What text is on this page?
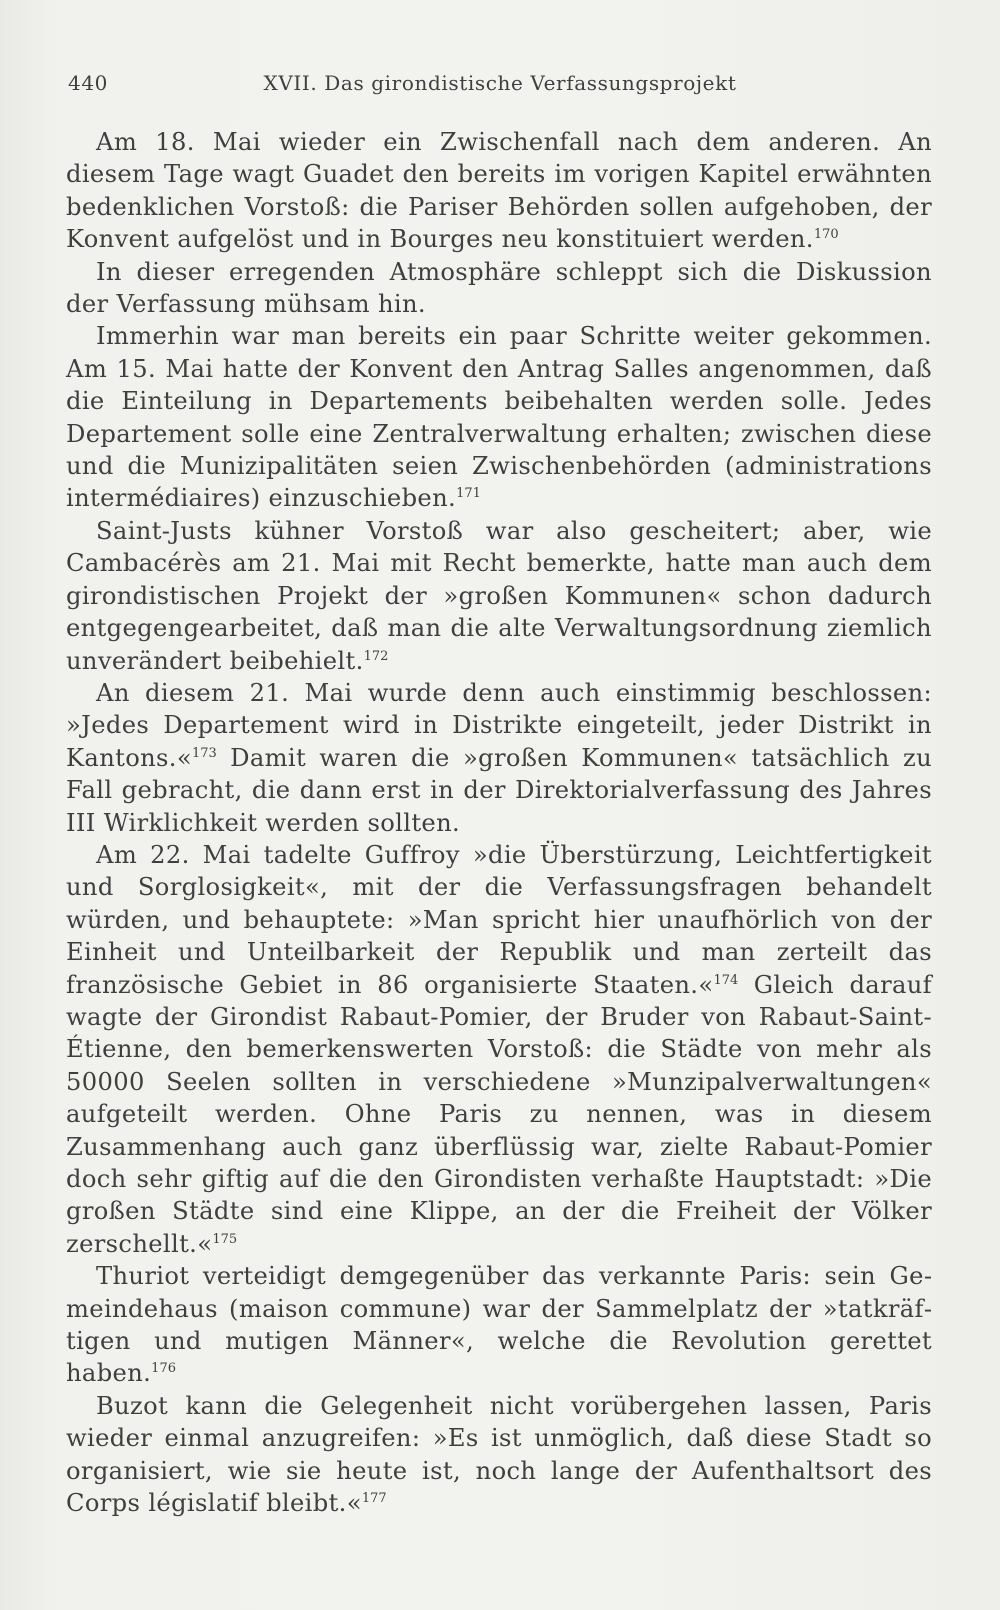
440	XVII. Das girondistische Verfassungsprojekt

Am 18. Mai wieder ein Zwischenfall nach dem anderen. An diesem Tage wagt Guadet den bereits im vorigen Kapitel erwähnten bedenklichen Vorstoß: die Pariser Behörden sollen aufgehoben, der Konvent aufgelöst und in Bourges neu konstituiert werden.$^{170}$

In dieser erregenden Atmosphäre schleppt sich die Diskussion der Verfassung mühsam hin.

Immerhin war man bereits ein paar Schritte weiter gekommen. Am 15. Mai hatte der Konvent den Antrag Salles angenommen, daß die Einteilung in Departements beibehalten werden solle. Jedes Departement solle eine Zentralverwaltung erhalten; zwischen diese und die Munizipalitäten seien Zwischenbehörden (administrations intermédiaires) einzuschieben.$^{171}$

Saint-Justs kühner Vorstoß war also gescheitert; aber, wie Cambacérès am 21. Mai mit Recht bemerkte, hatte man auch dem girondistischen Projekt der »großen Kommunen« schon dadurch entgegengearbeitet, daß man die alte Verwaltungsordnung ziemlich unverändert beibehielt.$^{172}$

An diesem 21. Mai wurde denn auch einstimmig beschlossen: »Jedes Departement wird in Distrikte eingeteilt, jeder Distrikt in Kantons.«$^{173}$ Damit waren die »großen Kommunen« tatsächlich zu Fall gebracht, die dann erst in der Direktorialverfassung des Jahres III Wirklichkeit werden sollten.

Am 22. Mai tadelte Guffroy »die Überstürzung, Leichtfertigkeit und Sorglosigkeit«, mit der die Verfassungsfragen behandelt würden, und behauptete: »Man spricht hier unaufhörlich von der Einheit und Unteilbarkeit der Republik und man zerteilt das französische Gebiet in 86 organisierte Staaten.«$^{174}$ Gleich darauf wagte der Girondist Rabaut-Pomier, der Bruder von Rabaut-Saint-Étienne, den bemerkenswerten Vorstoß: die Städte von mehr als 50000 Seelen sollten in verschiedene »Munzipalverwaltungen« aufgeteilt werden. Ohne Paris zu nennen, was in diesem Zusammenhang auch ganz überflüssig war, zielte Rabaut-Pomier doch sehr giftig auf die den Girondisten verhaßte Hauptstadt: »Die großen Städte sind eine Klippe, an der die Freiheit der Völker zerschellt.«$^{175}$

Thuriot verteidigt demgegenüber das verkannte Paris: sein Gemeindehaus (maison commune) war der Sammelplatz der »tatkräftigen und mutigen Männer«, welche die Revolution gerettet haben.$^{176}$

Buzot kann die Gelegenheit nicht vorübergehen lassen, Paris wieder einmal anzugreifen: »Es ist unmöglich, daß diese Stadt so organisiert, wie sie heute ist, noch lange der Aufenthaltsort des Corps législatif bleibt.«$^{177}$
